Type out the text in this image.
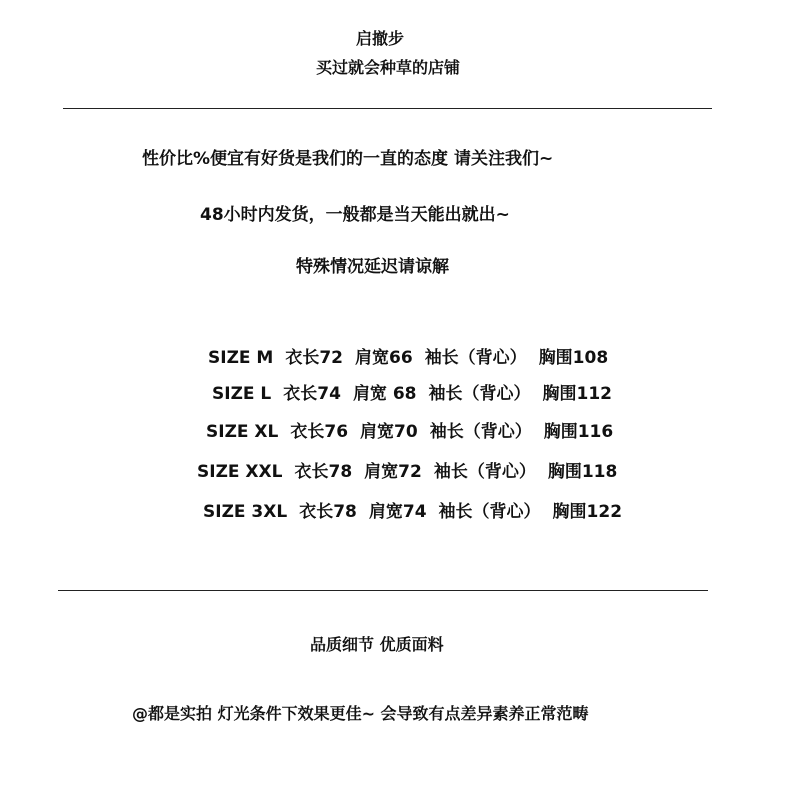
启撤步
买过就会种草的店铺
性价比%便宜有好货是我们的一直的态度 请关注我们~
48小时内发货，一般都是当天能出就出~
特殊情况延迟请谅解
SIZE M 衣长72 肩宽66 袖长（背心） 胸围108
SIZE L 衣长74 肩宽 68 袖长（背心） 胸围112
SIZE XL 衣长76 肩宽70 袖长（背心） 胸围116
SIZE XXL 衣长78 肩宽72 袖长（背心） 胸围118
SIZE 3XL 衣长78 肩宽74 袖长（背心） 胸围122
品质细节 优质面料
@都是实拍 灯光条件下效果更佳~ 会导致有点差异素养正常范畴
